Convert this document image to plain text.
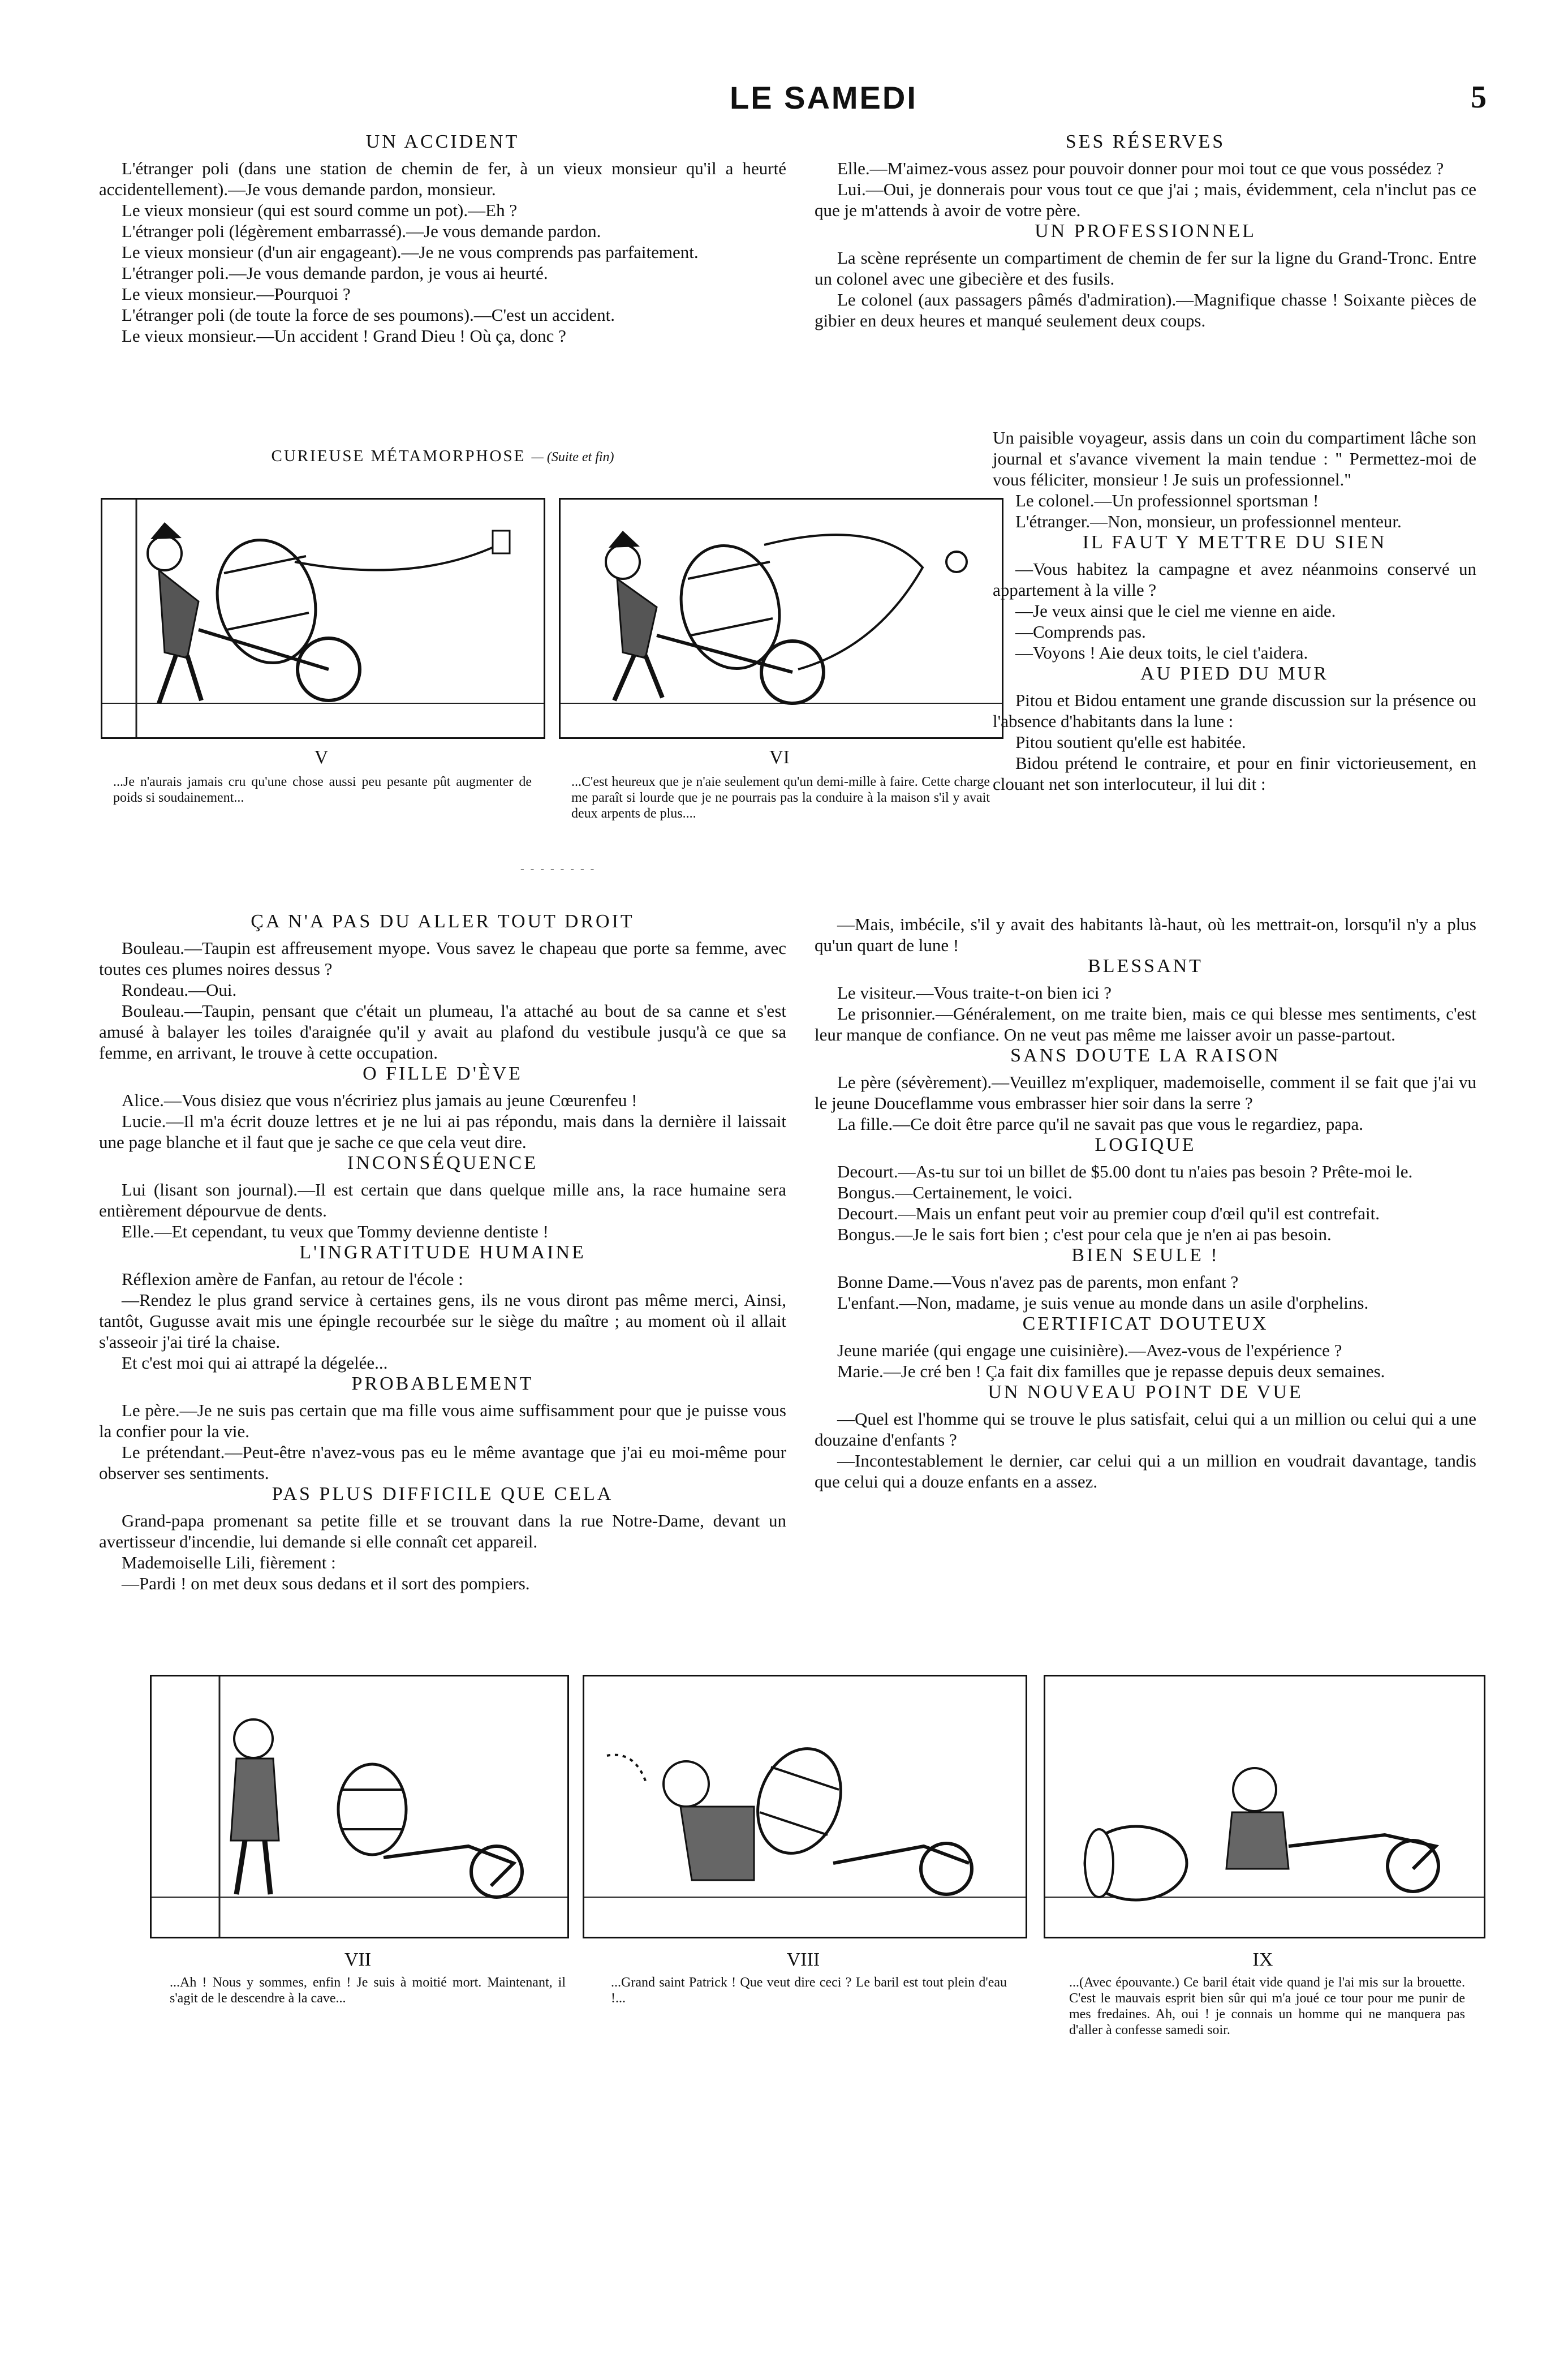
LE SAMEDI	5
UN ACCIDENT

L'étranger poli (dans une station de chemin de fer, à un vieux monsieur qu'il a heurté accidentellement).—Je vous demande pardon, monsieur.

Le vieux monsieur (qui est sourd comme un pot).—Eh ?

L'étranger poli (légèrement embarrassé).—Je vous demande pardon.

Le vieux monsieur (d'un air engageant).—Je ne vous comprends pas parfaitement.

L'étranger poli.—Je vous demande pardon, je vous ai heurté.

Le vieux monsieur.—Pourquoi ?

L'étranger poli (de toute la force de ses poumons).—C'est un accident.

Le vieux monsieur.—Un accident ! Grand Dieu ! Où ça, donc ?

CURIEUSE MÉTAMORPHOSE — (Suite et fin)
V
...Je n'aurais jamais cru qu'une chose aussi peu pesante pût augmenter de poids si soudainement...
VI
...C'est heureux que je n'aie seulement qu'un demi-mille à faire. Cette charge me paraît si lourde que je ne pourrais pas la conduire à la maison s'il y avait deux arpents de plus....
- - - - - - - -
ÇA N'A PAS DU ALLER TOUT DROIT

Bouleau.—Taupin est affreusement myope. Vous savez le chapeau que porte sa femme, avec toutes ces plumes noires dessus ?

Rondeau.—Oui.

Bouleau.—Taupin, pensant que c'était un plumeau, l'a attaché au bout de sa canne et s'est amusé à balayer les toiles d'araignée qu'il y avait au plafond du vestibule jusqu'à ce que sa femme, en arrivant, le trouve à cette occupation.

O FILLE D'ÈVE

Alice.—Vous disiez que vous n'écririez plus jamais au jeune Cœurenfeu !

Lucie.—Il m'a écrit douze lettres et je ne lui ai pas répondu, mais dans la dernière il laissait une page blanche et il faut que je sache ce que cela veut dire.

INCONSÉQUENCE

Lui (lisant son journal).—Il est certain que dans quelque mille ans, la race humaine sera entièrement dépourvue de dents.

Elle.—Et cependant, tu veux que Tommy devienne dentiste !

L'INGRATITUDE HUMAINE

Réflexion amère de Fanfan, au retour de l'école :

—Rendez le plus grand service à certaines gens, ils ne vous diront pas même merci, Ainsi, tantôt, Gugusse avait mis une épingle recourbée sur le siège du maître ; au moment où il allait s'asseoir j'ai tiré la chaise.

Et c'est moi qui ai attrapé la dégelée...

PROBABLEMENT

Le père.—Je ne suis pas certain que ma fille vous aime suffisamment pour que je puisse vous la confier pour la vie.

Le prétendant.—Peut-être n'avez-vous pas eu le même avantage que j'ai eu moi-même pour observer ses sentiments.

PAS PLUS DIFFICILE QUE CELA

Grand-papa promenant sa petite fille et se trouvant dans la rue Notre-Dame, devant un avertisseur d'incendie, lui demande si elle connaît cet appareil.

Mademoiselle Lili, fièrement :

—Pardi ! on met deux sous dedans et il sort des pompiers.

SES RÉSERVES

Elle.—M'aimez-vous assez pour pouvoir donner pour moi tout ce que vous possédez ?

Lui.—Oui, je donnerais pour vous tout ce que j'ai ; mais, évidemment, cela n'inclut pas ce que je m'attends à avoir de votre père.

UN PROFESSIONNEL

La scène représente un compartiment de chemin de fer sur la ligne du Grand-Tronc. Entre un colonel avec une gibecière et des fusils.

Le colonel (aux passagers pâmés d'admiration).—Magnifique chasse ! Soixante pièces de gibier en deux heures et manqué seulement deux coups.

Un paisible voyageur, assis dans un coin du compartiment lâche son journal et s'avance vivement la main tendue : " Permettez-moi de vous féliciter, monsieur ! Je suis un professionnel."

Le colonel.—Un professionnel sportsman !

L'étranger.—Non, monsieur, un professionnel menteur.

IL FAUT Y METTRE DU SIEN

—Vous habitez la campagne et avez néanmoins conservé un appartement à la ville ?

—Je veux ainsi que le ciel me vienne en aide.

—Comprends pas.

—Voyons ! Aie deux toits, le ciel t'aidera.

AU PIED DU MUR

Pitou et Bidou entament une grande discussion sur la présence ou l'absence d'habitants dans la lune :

Pitou soutient qu'elle est habitée.

Bidou prétend le contraire, et pour en finir victorieusement, en clouant net son interlocuteur, il lui dit :

—Mais, imbécile, s'il y avait des habitants là-haut, où les mettrait-on, lorsqu'il n'y a plus qu'un quart de lune !

BLESSANT

Le visiteur.—Vous traite-t-on bien ici ?

Le prisonnier.—Généralement, on me traite bien, mais ce qui blesse mes sentiments, c'est leur manque de confiance. On ne veut pas même me laisser avoir un passe-partout.

SANS DOUTE LA RAISON

Le père (sévèrement).—Veuillez m'expliquer, mademoiselle, comment il se fait que j'ai vu le jeune Douceflamme vous embrasser hier soir dans la serre ?

La fille.—Ce doit être parce qu'il ne savait pas que vous le regardiez, papa.

LOGIQUE

Decourt.—As-tu sur toi un billet de $5.00 dont tu n'aies pas besoin ? Prête-moi le.

Bongus.—Certainement, le voici.

Decourt.—Mais un enfant peut voir au premier coup d'œil qu'il est contrefait.

Bongus.—Je le sais fort bien ; c'est pour cela que je n'en ai pas besoin.

BIEN SEULE !

Bonne Dame.—Vous n'avez pas de parents, mon enfant ?

L'enfant.—Non, madame, je suis venue au monde dans un asile d'orphelins.

CERTIFICAT DOUTEUX

Jeune mariée (qui engage une cuisinière).—Avez-vous de l'expérience ?

Marie.—Je cré ben ! Ça fait dix familles que je repasse depuis deux semaines.

UN NOUVEAU POINT DE VUE

—Quel est l'homme qui se trouve le plus satisfait, celui qui a un million ou celui qui a une douzaine d'enfants ?

—Incontestablement le dernier, car celui qui a un million en voudrait davantage, tandis que celui qui a douze enfants en a assez.

VII
...Ah ! Nous y sommes, enfin ! Je suis à moitié mort. Maintenant, il s'agit de le descendre à la cave...
VIII
...Grand saint Patrick ! Que veut dire ceci ? Le baril est tout plein d'eau !...
IX
...(Avec épouvante.) Ce baril était vide quand je l'ai mis sur la brouette. C'est le mauvais esprit bien sûr qui m'a joué ce tour pour me punir de mes fredaines. Ah, oui ! je connais un homme qui ne manquera pas d'aller à confesse samedi soir.
